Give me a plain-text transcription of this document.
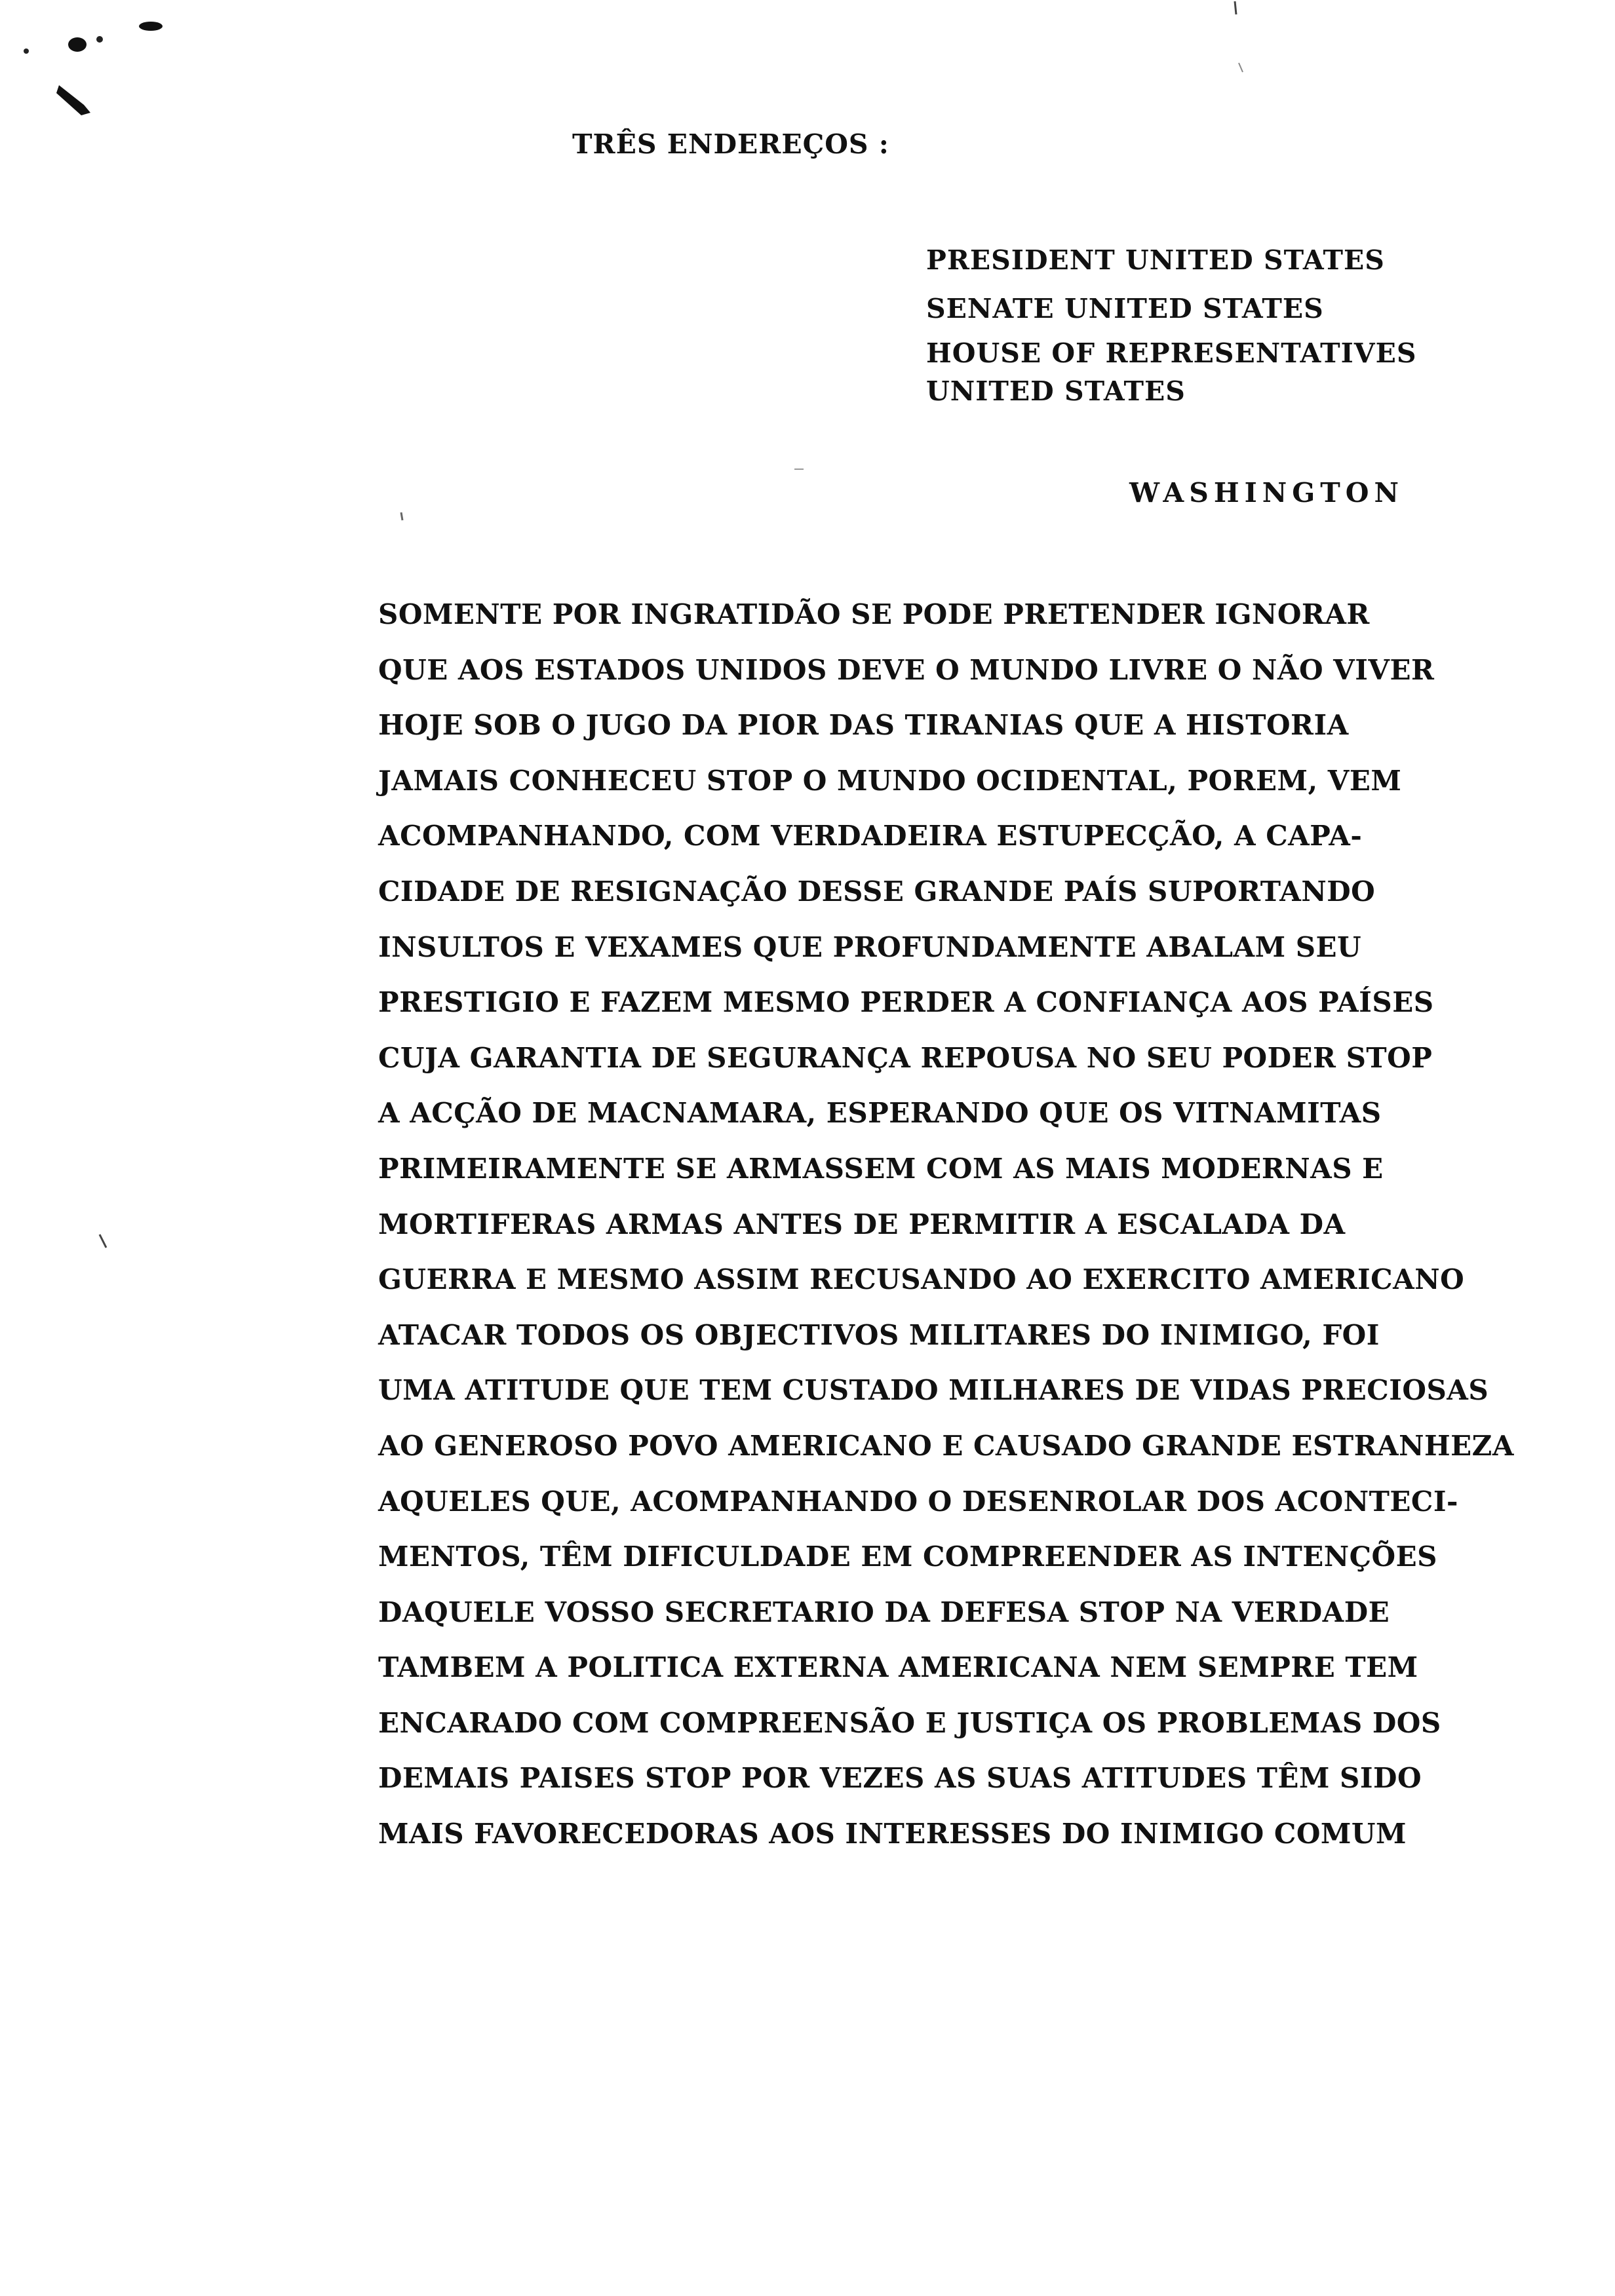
TRÊS ENDEREÇOS :
PRESIDENT UNITED STATES
SENATE UNITED STATES
HOUSE OF REPRESENTATIVES
UNITED STATES
WASHINGTON
SOMENTE POR INGRATIDÃO SE PODE PRETENDER IGNORAR
QUE AOS ESTADOS UNIDOS DEVE O MUNDO LIVRE O NÃO VIVER
HOJE SOB O JUGO DA PIOR DAS TIRANIAS QUE A HISTORIA
JAMAIS CONHECEU STOP O MUNDO OCIDENTAL, POREM, VEM
ACOMPANHANDO, COM VERDADEIRA ESTUPECÇÃO, A CAPA-
CIDADE DE RESIGNAÇÃO DESSE GRANDE PAÍS SUPORTANDO
INSULTOS E VEXAMES QUE PROFUNDAMENTE ABALAM SEU
PRESTIGIO E FAZEM MESMO PERDER A CONFIANÇA AOS PAÍSES
CUJA GARANTIA DE SEGURANÇA REPOUSA NO SEU PODER STOP
A ACÇÃO DE MACNAMARA, ESPERANDO QUE OS VITNAMITAS
PRIMEIRAMENTE SE ARMASSEM COM AS MAIS MODERNAS E
MORTIFERAS ARMAS ANTES DE PERMITIR A ESCALADA DA
GUERRA E MESMO ASSIM RECUSANDO AO EXERCITO AMERICANO
ATACAR TODOS OS OBJECTIVOS MILITARES DO INIMIGO, FOI
UMA ATITUDE QUE TEM CUSTADO MILHARES DE VIDAS PRECIOSAS
AO GENEROSO POVO AMERICANO E CAUSADO GRANDE ESTRANHEZA
AQUELES QUE, ACOMPANHANDO O DESENROLAR DOS ACONTECI-
MENTOS, TÊM DIFICULDADE EM COMPREENDER AS INTENÇÕES
DAQUELE VOSSO SECRETARIO DA DEFESA STOP NA VERDADE
TAMBEM A POLITICA EXTERNA AMERICANA NEM SEMPRE TEM
ENCARADO COM COMPREENSÃO E JUSTIÇA OS PROBLEMAS DOS
DEMAIS PAISES STOP POR VEZES AS SUAS ATITUDES TÊM SIDO
MAIS FAVORECEDORAS AOS INTERESSES DO INIMIGO COMUM
